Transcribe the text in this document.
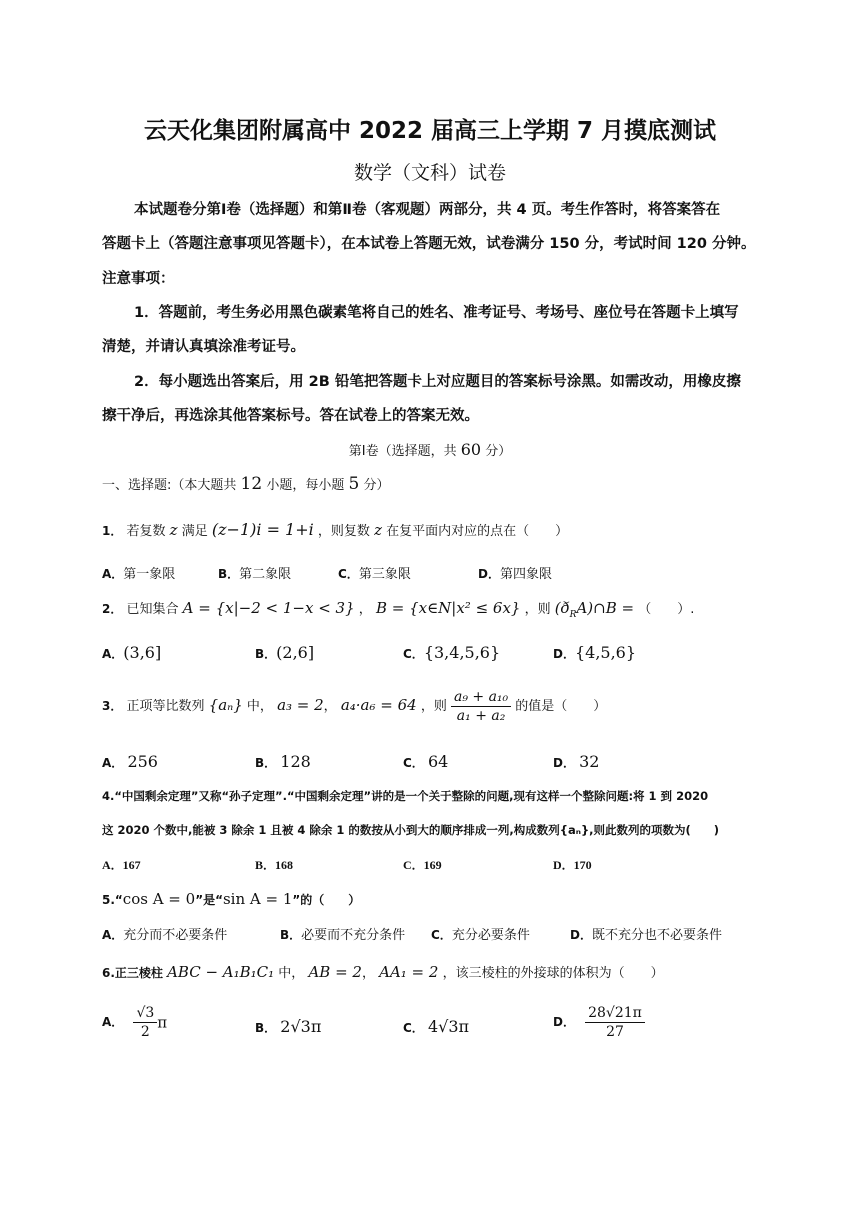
云天化集团附属高中 2022 届高三上学期 7 月摸底测试
数学（文科）试卷
本试题卷分第Ⅰ卷（选择题）和第Ⅱ卷（客观题）两部分，共 4 页。考生作答时，将答案答在
答题卡上（答题注意事项见答题卡），在本试卷上答题无效，试卷满分 150 分，考试时间 120 分钟。
注意事项：
1．答题前，考生务必用黑色碳素笔将自己的姓名、准考证号、考场号、座位号在答题卡上填写
清楚，并请认真填涂准考证号。
2．每小题选出答案后，用 2B 铅笔把答题卡上对应题目的答案标号涂黑。如需改动，用橡皮擦
擦干净后，再选涂其他答案标号。答在试卷上的答案无效。
第Ⅰ卷（选择题，共 60 分）
一、选择题:（本大题共 12 小题，每小题 5 分）
1． 若复数 z 满足 (z−1)i = 1+i ，则复数 z 在复平面内对应的点在（　　）
A．第一象限	B．第二象限	C．第三象限	D．第四象限
2． 已知集合 A = {x|−2 < 1−x < 3} ， B = {x∈N|x² ≤ 6x} ，则 $(ð_RA)\cap B$ = （　　）.
A．(3,6]	B．(2,6]	C．{3,4,5,6}	D．{4,5,6}
3． 正项等比数列 {aₙ} 中， a₃ = 2， a₄·a₆ = 64 ，则 $\frac{\text{a₉ + a₁₀}}{\text{a₁ + a₂}}$ 的值是（　　）
A． 256	B． 128	C． 64	D． 32
4.“中国剩余定理”又称“孙子定理”.“中国剩余定理”讲的是一个关于整除的问题,现有这样一个整除问题:将 1 到 2020
这 2020 个数中,能被 3 除余 1 且被 4 除余 1 的数按从小到大的顺序排成一列,构成数列{aₙ},则此数列的项数为(　　)
A．167	B．168	C．169	D．170
5.“cos A = 0”是“sin A = 1”的（　　）
A．充分而不必要条件	B．必要而不充分条件 C．充分必要条件	D．既不充分也不必要条件
6.正三棱柱 ABC − A₁B₁C₁ 中， AB = 2， AA₁ = 2 ，该三棱柱的外接球的体积为（　　）
A． $\frac{√3}{2}$ π	B． 2√3π	C． 4√3π	D． $\frac{28√21\pi}{27}$
